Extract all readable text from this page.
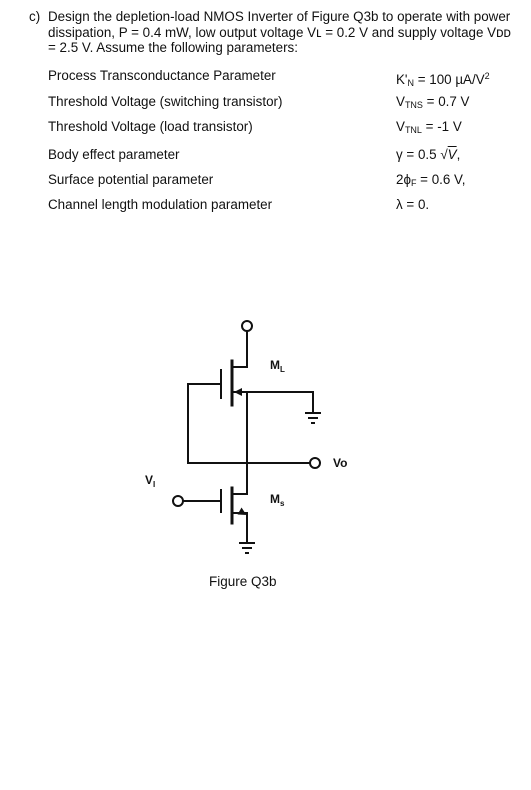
c) Design the depletion-load NMOS Inverter of Figure Q3b to operate with power dissipation, P = 0.4 mW, low output voltage Vʟ = 0.2 V and supply voltage Vᴅᴅ = 2.5 V. Assume the following parameters:

Process Transconductance Parameter	$K'_N = 100$ $\mu A/V^2$
Threshold Voltage (switching transistor)	$V_{TNS} = 0.7$ V
Threshold Voltage (load transistor)	$V_{TNL} = -1$ V
Body effect parameter	γ = 0.5 √V,
Surface potential parameter	$2\phi_F = 0.6$ V,
Channel length modulation parameter	λ = 0.
$M_L$
$M_s$
$V_I$
Vo
Figure Q3b
